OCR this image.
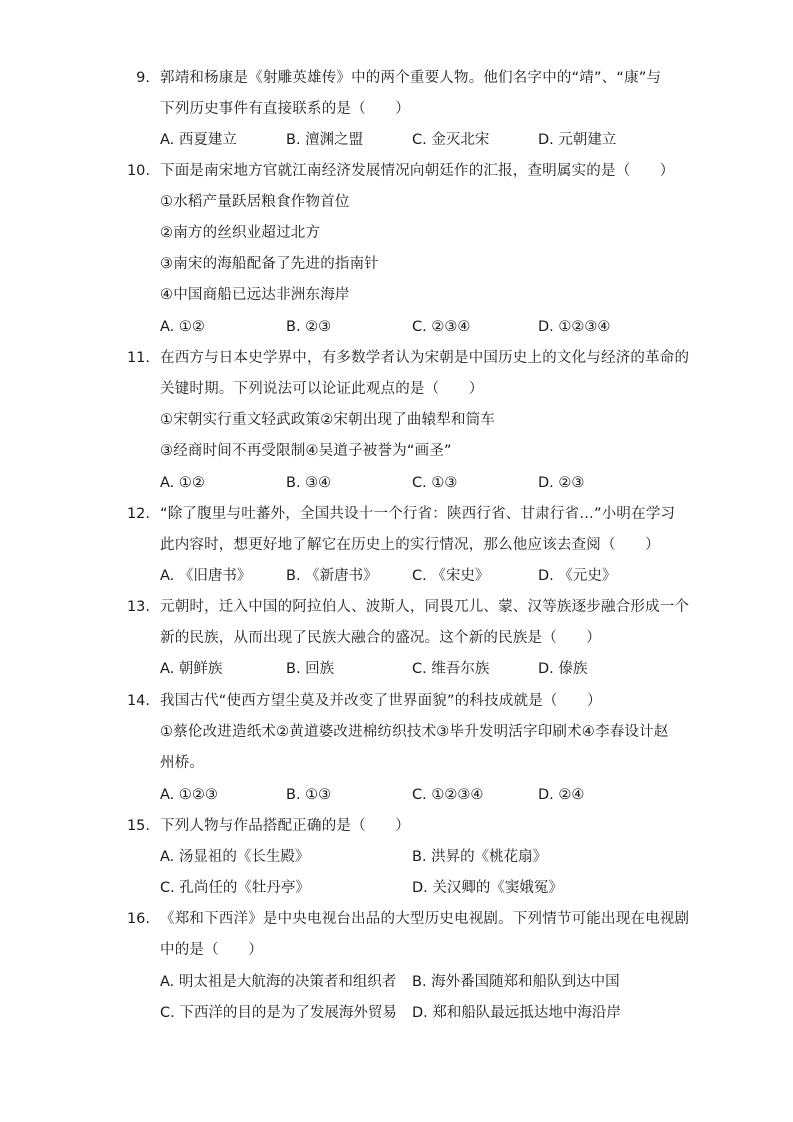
9. 郭靖和杨康是《射雕英雄传》中的两个重要人物。他们名字中的“靖”、“康”与
下列历史事件有直接联系的是（　　）
A. 西夏建立	B. 澶渊之盟	C. 金灭北宋	D. 元朝建立
10. 下面是南宋地方官就江南经济发展情况向朝廷作的汇报，查明属实的是（　　）
①水稻产量跃居粮食作物首位
②南方的丝织业超过北方
③南宋的海船配备了先进的指南针
④中国商船已远达非洲东海岸
A. ①②	B. ②③	C. ②③④	D. ①②③④
11. 在西方与日本史学界中，有多数学者认为宋朝是中国历史上的文化与经济的革命的
关键时期。下列说法可以论证此观点的是（　　）
①宋朝实行重文轻武政策②宋朝出现了曲辕犁和筒车
③经商时间不再受限制④吴道子被誉为“画圣”
A. ①②	B. ③④	C. ①③	D. ②③
12. “除了腹里与吐蕃外，全国共设十一个行省：陕西行省、甘肃行省…”小明在学习
此内容时，想更好地了解它在历史上的实行情况，那么他应该去查阅（　　）
A. 《旧唐书》 B. 《新唐书》 C. 《宋史》	D. 《元史》
13. 元朝时，迁入中国的阿拉伯人、波斯人，同畏兀儿、蒙、汉等族逐步融合形成一个
新的民族，从而出现了民族大融合的盛况。这个新的民族是（　　）
A. 朝鲜族	B. 回族	C. 维吾尔族	D. 傣族
14. 我国古代“使西方望尘莫及并改变了世界面貌”的科技成就是（　　）
①蔡伦改进造纸术②黄道婆改进棉纺织技术③毕升发明活字印刷术④李春设计赵
州桥。
A. ①②③	B. ①③	C. ①②③④	D. ②④
15. 下列人物与作品搭配正确的是（　　）
A. 汤显祖的《长生殿》	B. 洪昇的《桃花扇》
C. 孔尚任的《牡丹亭》	D. 关汉卿的《窦娥冤》
16. 《郑和下西洋》是中央电视台出品的大型历史电视剧。下列情节可能出现在电视剧
中的是（　　）
A. 明太祖是大航海的决策者和组织者 B. 海外番国随郑和船队到达中国
C. 下西洋的目的是为了发展海外贸易 D. 郑和船队最远抵达地中海沿岸
